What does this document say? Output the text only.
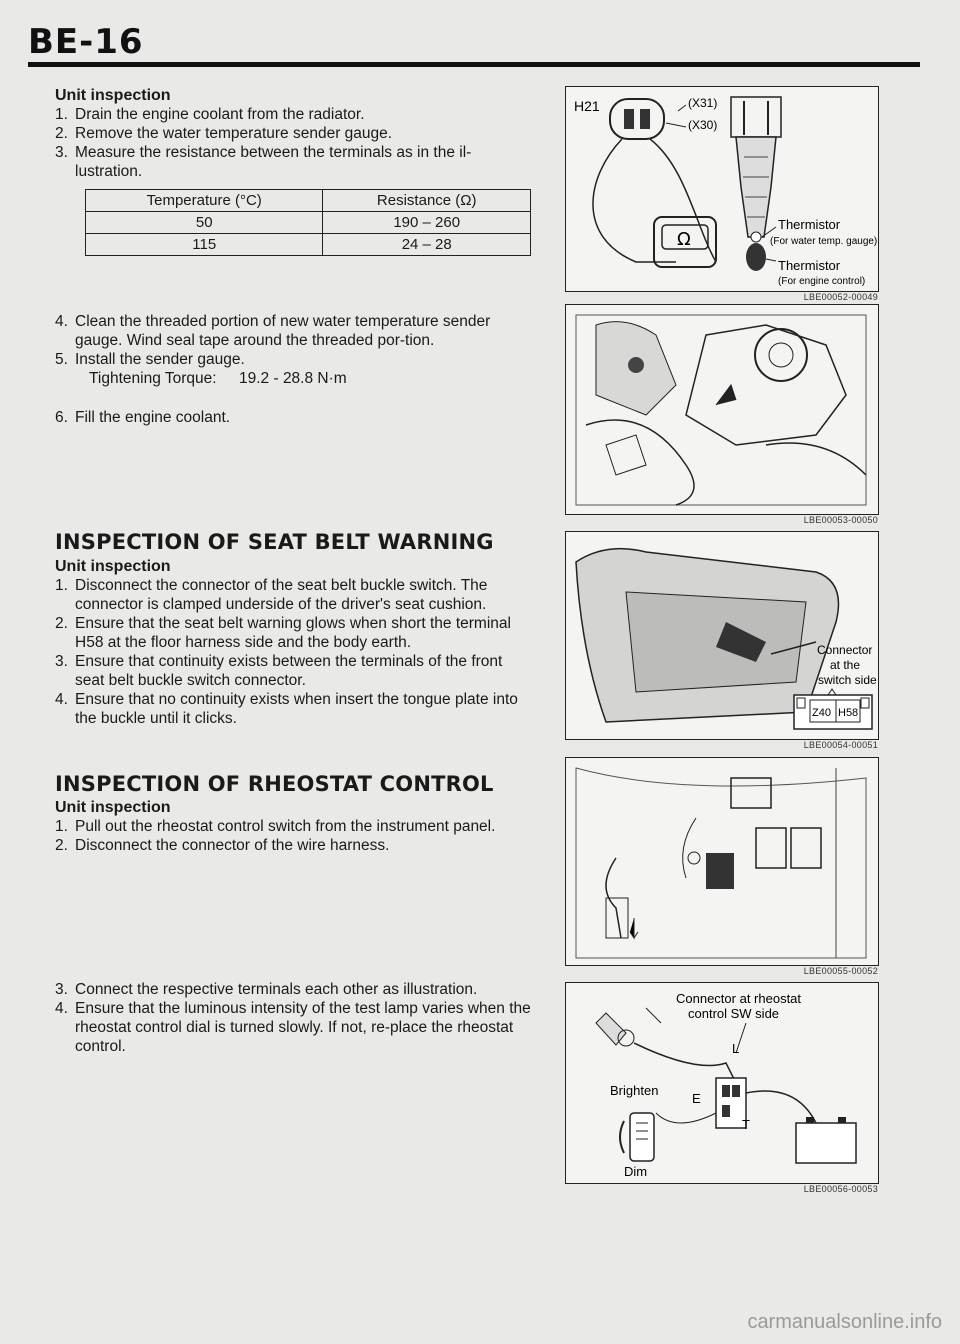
BE-16

Unit inspection

1. Drain the engine coolant from the radiator.
2. Remove the water temperature sender gauge.
3. Measure the resistance between the terminals as in the il-lustration.
Temperature (°C)	Resistance (Ω)
50	190 – 260
115	24 – 28
4. Clean the threaded portion of new water temperature sender gauge. Wind seal tape around the threaded por-tion.
5. Install the sender gauge.
Tightening Torque: 19.2 - 28.8 N·m
6. Fill the engine coolant.
INSPECTION OF SEAT BELT WARNING

Unit inspection

1. Disconnect the connector of the seat belt buckle switch. The connector is clamped underside of the driver's seat cushion.
2. Ensure that the seat belt warning glows when short the terminal H58 at the floor harness side and the body earth.
3. Ensure that continuity exists between the terminals of the front seat belt buckle switch connector.
4. Ensure that no continuity exists when insert the tongue plate into the buckle until it clicks.
INSPECTION OF RHEOSTAT CONTROL

Unit inspection

1. Pull out the rheostat control switch from the instrument panel.
2. Disconnect the connector of the wire harness.
3. Connect the respective terminals each other as illustration.
4. Ensure that the luminous intensity of the test lamp varies when the rheostat control dial is turned slowly. If not, re-place the rheostat control.
H21	(X31)
(X30)
Ω
Thermistor
(For water temp. gauge)
Thermistor
(For engine control)
LBE00052-00049
LBE00053-00050
Connector
at the
switch side
Z40 H58
LBE00054-00051
LBE00055-00052
Connector at rheostat
control SW side
L
E
T
Brighten
Dim
LBE00056-00053
carmanualsonline.info
